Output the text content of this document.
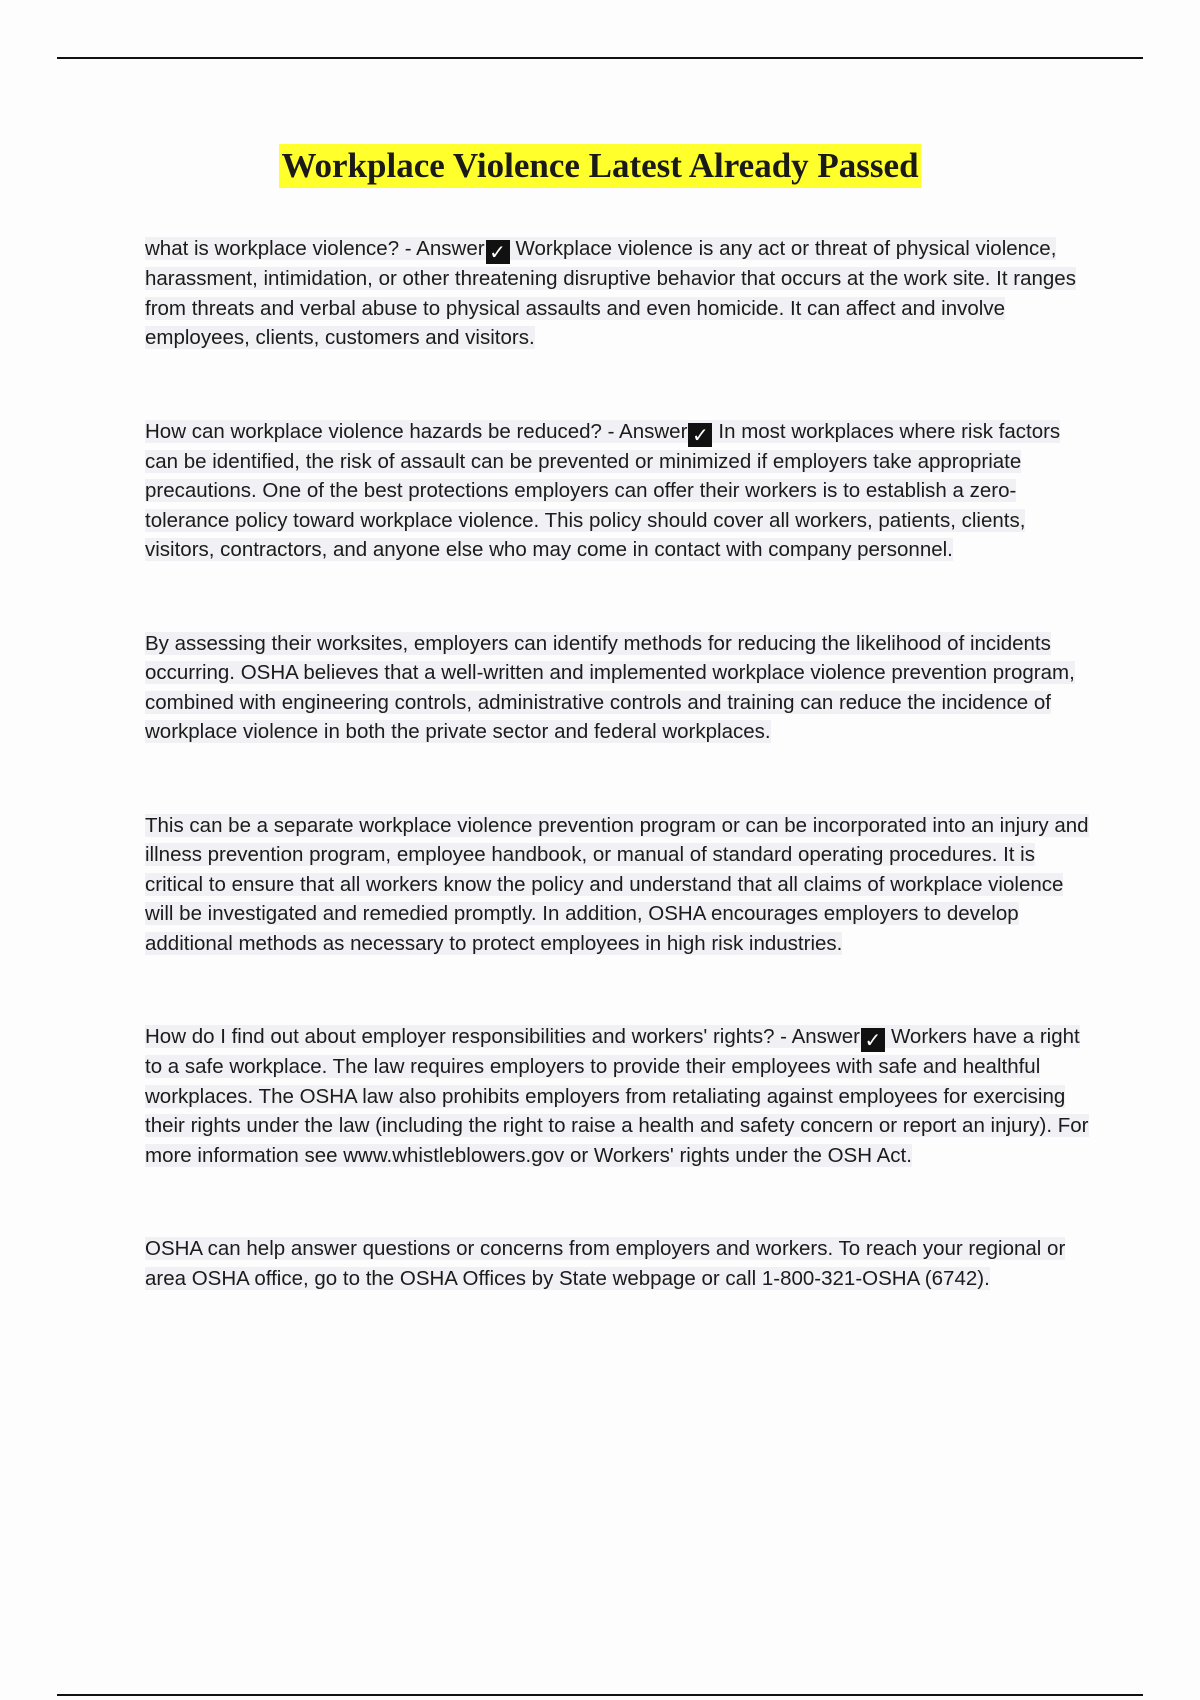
Workplace Violence Latest Already Passed

what is workplace violence? - Answer ✓ Workplace violence is any act or threat of physical violence, harassment, intimidation, or other threatening disruptive behavior that occurs at the work site. It ranges from threats and verbal abuse to physical assaults and even homicide. It can affect and involve employees, clients, customers and visitors.

How can workplace violence hazards be reduced? - Answer ✓ In most workplaces where risk factors can be identified, the risk of assault can be prevented or minimized if employers take appropriate precautions. One of the best protections employers can offer their workers is to establish a zero-tolerance policy toward workplace violence. This policy should cover all workers, patients, clients, visitors, contractors, and anyone else who may come in contact with company personnel.

By assessing their worksites, employers can identify methods for reducing the likelihood of incidents occurring. OSHA believes that a well-written and implemented workplace violence prevention program, combined with engineering controls, administrative controls and training can reduce the incidence of workplace violence in both the private sector and federal workplaces.

This can be a separate workplace violence prevention program or can be incorporated into an injury and illness prevention program, employee handbook, or manual of standard operating procedures. It is critical to ensure that all workers know the policy and understand that all claims of workplace violence will be investigated and remedied promptly. In addition, OSHA encourages employers to develop additional methods as necessary to protect employees in high risk industries.

How do I find out about employer responsibilities and workers' rights? - Answer ✓ Workers have a right to a safe workplace. The law requires employers to provide their employees with safe and healthful workplaces. The OSHA law also prohibits employers from retaliating against employees for exercising their rights under the law (including the right to raise a health and safety concern or report an injury). For more information see www.whistleblowers.gov or Workers' rights under the OSH Act.

OSHA can help answer questions or concerns from employers and workers. To reach your regional or area OSHA office, go to the OSHA Offices by State webpage or call 1-800-321-OSHA (6742).
